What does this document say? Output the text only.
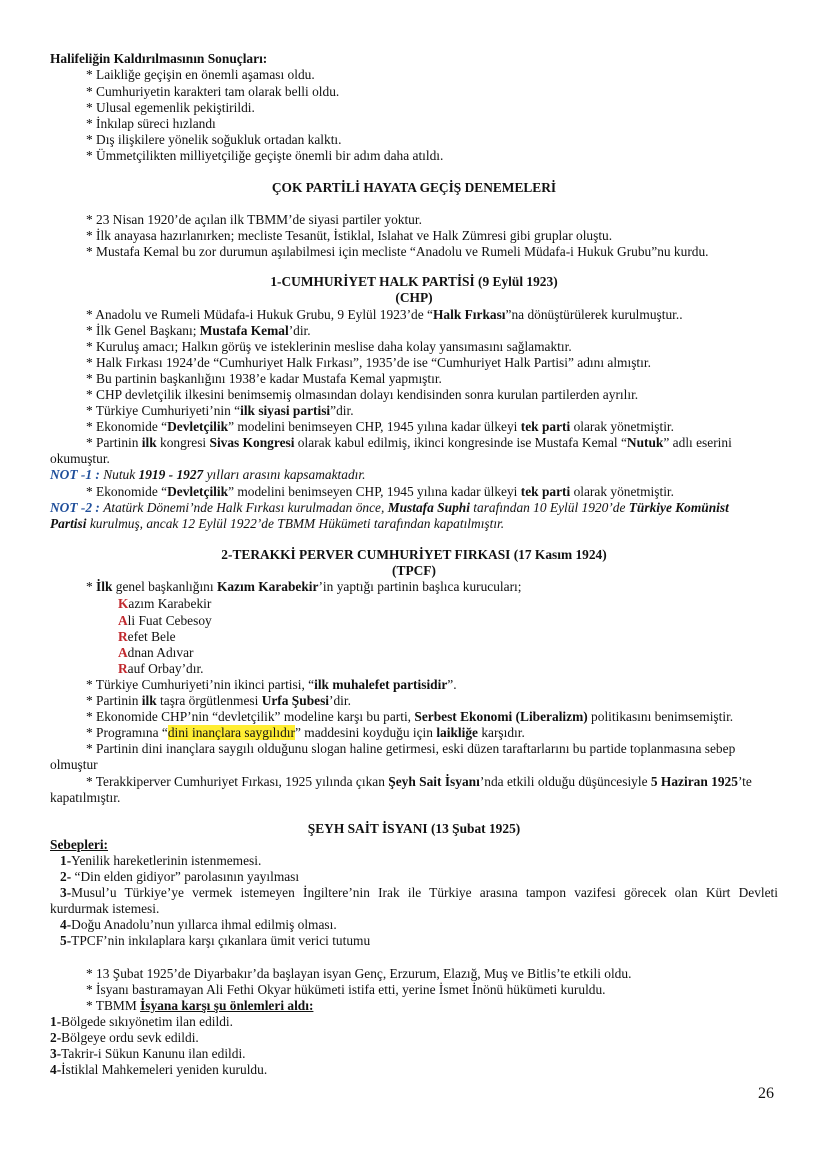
Halifeliğin Kaldırılmasının Sonuçları:
* Laikliğe geçişin en önemli aşaması oldu.
* Cumhuriyetin karakteri tam olarak belli oldu.
* Ulusal egemenlik pekiştirildi.
* İnkılap süreci hızlandı
* Dış ilişkilere yönelik soğukluk ortadan kalktı.
* Ümmetçilikten milliyetçiliğe geçişte önemli bir adım daha atıldı.
ÇOK PARTİLİ HAYATA GEÇİŞ DENEMELERİ
* 23 Nisan 1920’de açılan ilk TBMM’de siyasi partiler yoktur.
* İlk anayasa hazırlanırken; mecliste Tesanüt, İstiklal, Islahat ve Halk Zümresi gibi gruplar oluştu.
* Mustafa Kemal bu zor durumun aşılabilmesi için mecliste “Anadolu ve Rumeli Müdafa-i Hukuk Grubu”nu kurdu.
1-CUMHURİYET HALK PARTİSİ (9 Eylül 1923)
(CHP)
* Anadolu ve Rumeli Müdafa-i Hukuk Grubu, 9 Eylül 1923’de “Halk Fırkası”na dönüştürülerek kurulmuştur..
* İlk Genel Başkanı; Mustafa Kemal’dir.
* Kuruluş amacı; Halkın görüş ve isteklerinin meslise daha kolay yansımasını sağlamaktır.
* Halk Fırkası 1924’de “Cumhuriyet Halk Fırkası”, 1935’de ise “Cumhuriyet Halk Partisi” adını almıştır.
* Bu partinin başkanlığını 1938’e kadar Mustafa Kemal yapmıştır.
* CHP devletçilik ilkesini benimsemiş olmasından dolayı kendisinden sonra kurulan partilerden ayrılır.
* Türkiye Cumhuriyeti’nin “ilk siyasi partisi”dir.
* Ekonomide “Devletçilik” modelini benimseyen CHP, 1945 yılına kadar ülkeyi tek parti olarak yönetmiştir.
* Partinin ilk kongresi Sivas Kongresi olarak kabul edilmiş, ikinci kongresinde ise Mustafa Kemal “Nutuk” adlı eserini
okumuştur.
NOT -1 : Nutuk 1919 - 1927 yılları arasını kapsamaktadır.
* Ekonomide “Devletçilik” modelini benimseyen CHP, 1945 yılına kadar ülkeyi tek parti olarak yönetmiştir.
NOT -2 : Atatürk Dönemi’nde Halk Fırkası kurulmadan önce, Mustafa Suphi tarafından 10 Eylül 1920’de Türkiye Komünist
Partisi kurulmuş, ancak 12 Eylül 1922’de TBMM Hükümeti tarafından kapatılmıştır.
2-TERAKKİ PERVER CUMHURİYET FIRKASI (17 Kasım 1924)
(TPCF)
* İlk genel başkanlığını Kazım Karabekir’in yaptığı partinin başlıca kurucuları;
Kazım Karabekir
Ali Fuat Cebesoy
Refet Bele
Adnan Adıvar
Rauf Orbay’dır.
* Türkiye Cumhuriyeti’nin ikinci partisi, “ilk muhalefet partisidir”.
* Partinin ilk taşra örgütlenmesi Urfa Şubesi’dir.
* Ekonomide CHP’nin “devletçilik” modeline karşı bu parti, Serbest Ekonomi (Liberalizm) politikasını benimsemiştir.
* Programına “dini inançlara saygılıdır” maddesini koyduğu için laikliğe karşıdır.
* Partinin dini inançlara saygılı olduğunu slogan haline getirmesi, eski düzen taraftarlarını bu partide toplanmasına sebep
olmuştur
* Terakkiperver Cumhuriyet Fırkası, 1925 yılında çıkan Şeyh Sait İsyanı’nda etkili olduğu düşüncesiyle 5 Haziran 1925’te
kapatılmıştır.
ŞEYH SAİT İSYANI (13 Şubat 1925)
Sebepleri:
1-Yenilik hareketlerinin istenmemesi.
2- “Din elden gidiyor” parolasının yayılması
3-Musul’u Türkiye’ye vermek istemeyen İngiltere’nin Irak ile Türkiye arasına tampon vazifesi görecek olan Kürt Devleti
kurdurmak istemesi.
4-Doğu Anadolu’nun yıllarca ihmal edilmiş olması.
5-TPCF’nin inkılaplara karşı çıkanlara ümit verici tutumu
* 13 Şubat 1925’de Diyarbakır’da başlayan isyan Genç, Erzurum, Elazığ, Muş ve Bitlis’te etkili oldu.
* İsyanı bastıramayan Ali Fethi Okyar hükümeti istifa etti, yerine İsmet İnönü hükümeti kuruldu.
* TBMM İsyana karşı şu önlemleri aldı:
1-Bölgede sıkıyönetim ilan edildi.
2-Bölgeye ordu sevk edildi.
3-Takrir-i Sükun Kanunu ilan edildi.
4-İstiklal Mahkemeleri yeniden kuruldu.
26
